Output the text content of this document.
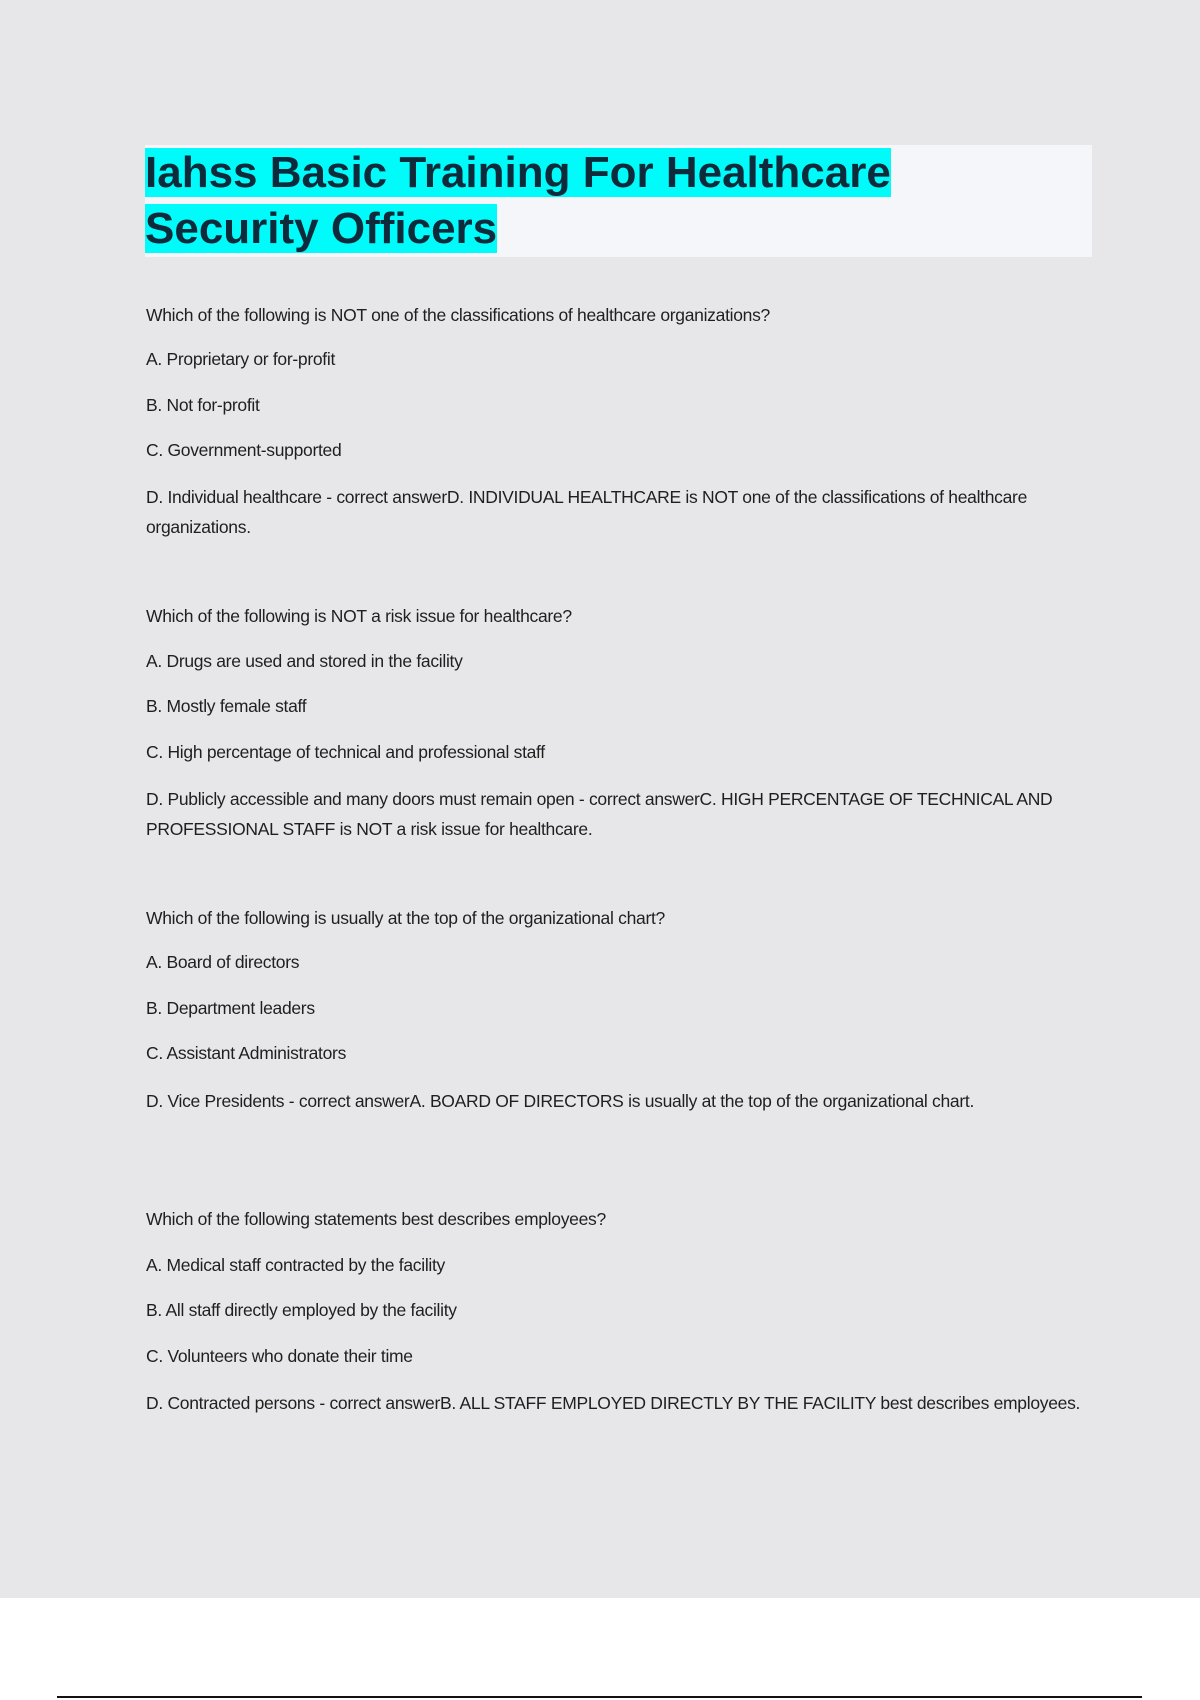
Iahss Basic Training For Healthcare Security Officers
Which of the following is NOT one of the classifications of healthcare organizations?
A. Proprietary or for-profit
B. Not for-profit
C. Government-supported
D. Individual healthcare - correct answerD. INDIVIDUAL HEALTHCARE is NOT one of the classifications of healthcare organizations.
Which of the following is NOT a risk issue for healthcare?
A. Drugs are used and stored in the facility
B. Mostly female staff
C. High percentage of technical and professional staff
D. Publicly accessible and many doors must remain open - correct answerC. HIGH PERCENTAGE OF TECHNICAL AND PROFESSIONAL STAFF is NOT a risk issue for healthcare.
Which of the following is usually at the top of the organizational chart?
A. Board of directors
B. Department leaders
C. Assistant Administrators
D. Vice Presidents - correct answerA. BOARD OF DIRECTORS is usually at the top of the organizational chart.
Which of the following statements best describes employees?
A. Medical staff contracted by the facility
B. All staff directly employed by the facility
C. Volunteers who donate their time
D. Contracted persons - correct answerB. ALL STAFF EMPLOYED DIRECTLY BY THE FACILITY best describes employees.
